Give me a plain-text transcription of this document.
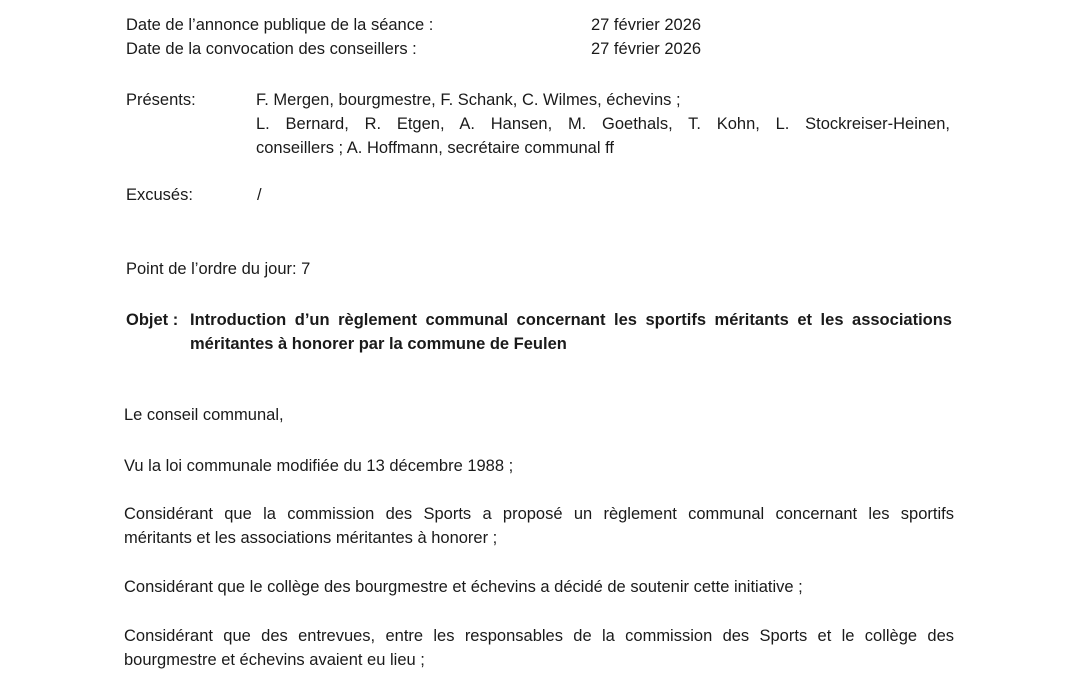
Date de l’annonce publique de la séance :	27 février 2026
Date de la convocation des conseillers :	27 février 2026
Présents:	F. Mergen, bourgmestre, F. Schank, C. Wilmes, échevins ;
L. Bernard, R. Etgen, A. Hansen, M. Goethals, T. Kohn, L. Stockreiser-Heinen,
conseillers ; A. Hoffmann, secrétaire communal ff
Excusés:	/
Point de l’ordre du jour: 7
Objet : Introduction d’un règlement communal concernant les sportifs méritants et les associations
méritantes à honorer par la commune de Feulen
Le conseil communal,
Vu la loi communale modifiée du 13 décembre 1988 ;
Considérant que la commission des Sports a proposé un règlement communal concernant les sportifs
méritants et les associations méritantes à honorer ;
Considérant que le collège des bourgmestre et échevins a décidé de soutenir cette initiative ;
Considérant que des entrevues, entre les responsables de la commission des Sports et le collège des
bourgmestre et échevins avaient eu lieu ;
